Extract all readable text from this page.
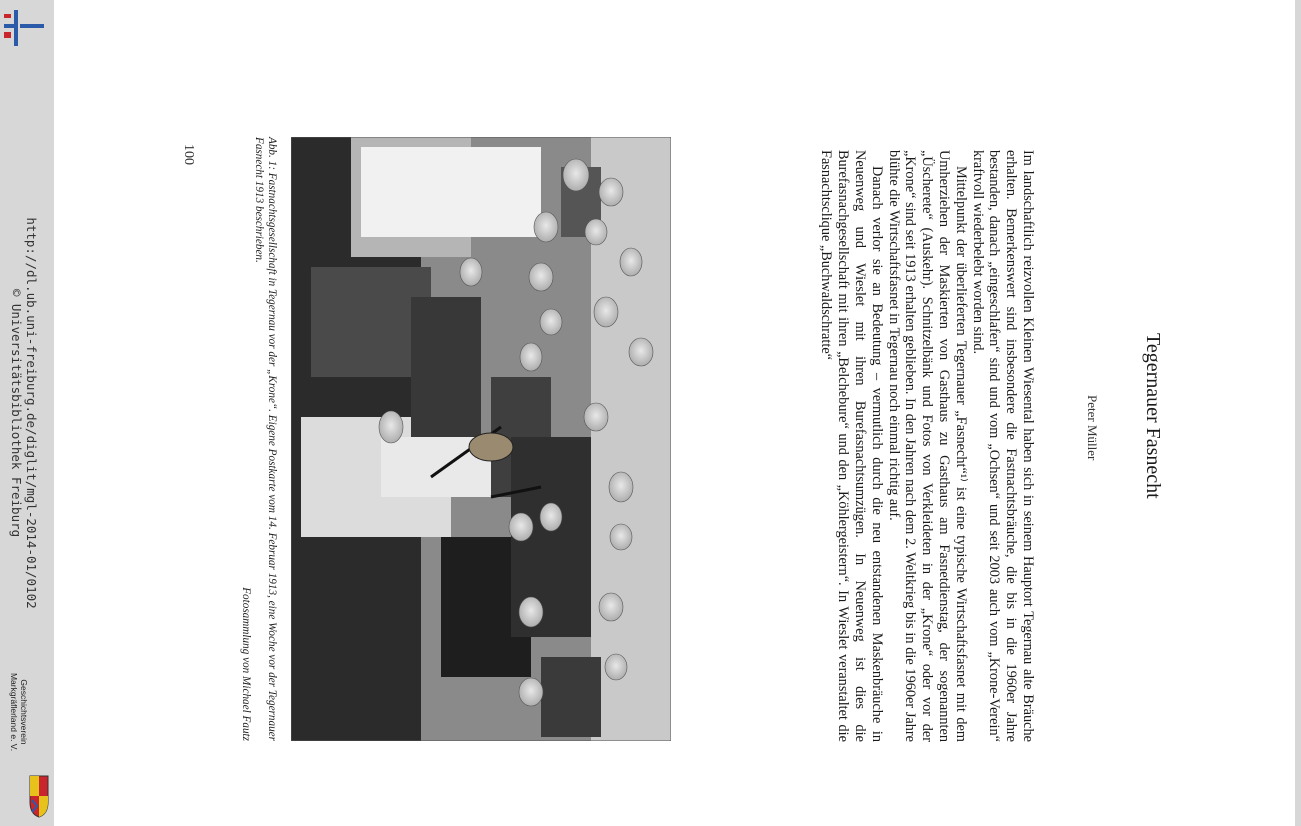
http://dl.ub.uni-freiburg.de/diglit/mgl-2014-01/0102
© Universitätsbibliothek Freiburg
Geschichtsverein
Markgräflerland e. V.
Tegernauer Fasnecht
Peter Müller

Im landschaftlich reizvollen Kleinen Wiesental haben sich in seinem Hauptort Tegernau alte Bräuche erhalten. Bemerkenswert sind insbesondere die Fastnachtsbräuche, die bis in die 1960er Jahre bestanden, danach „eingeschlafen“ sind und vom „Ochsen“ und seit 2003 auch vom „Krone-Verein“ kraftvoll wiederbelebt worden sind.

Mittelpunkt der überlieferten Tegernauer „Fasnecht“¹⁾ ist eine typische Wirtschaftsfasnet mit dem Umherziehen der Maskierten von Gasthaus zu Gasthaus am Fasnetdienstag, der sogenannten „Üscherete“ (Auskehr). Schnitzelbänk und Fotos von Verkleideten in der „Krone“ oder vor der „Krone“ sind seit 1913 erhalten geblieben. In den Jahren nach dem 2. Weltkrieg bis in die 1960er Jahre blühte die Wirtschaftsfasnet in Tegernau noch einmal richtig auf.

Danach verlor sie an Bedeutung – vermutlich durch die neu entstandenen Maskenbräuche in Neuenweg und Wieslet mit ihren Burefasnachtsumzügen. In Neuenweg ist dies die Burefasnachgesellschaft mit ihren „Belchebure“ und den „Köhlergeistern“. In Wieslet veranstaltet die Fasnachtsclique „Buchwaldschratte“

Abb. 1: Fastnachtsgesellschaft in Tegernau vor der „Krone“. Eigene Postkarte vom 14. Februar 1913, eine Woche vor der Tegernauer Fasnecht 1913 beschrieben.
Fotosammlung von Michael Fautz
100
